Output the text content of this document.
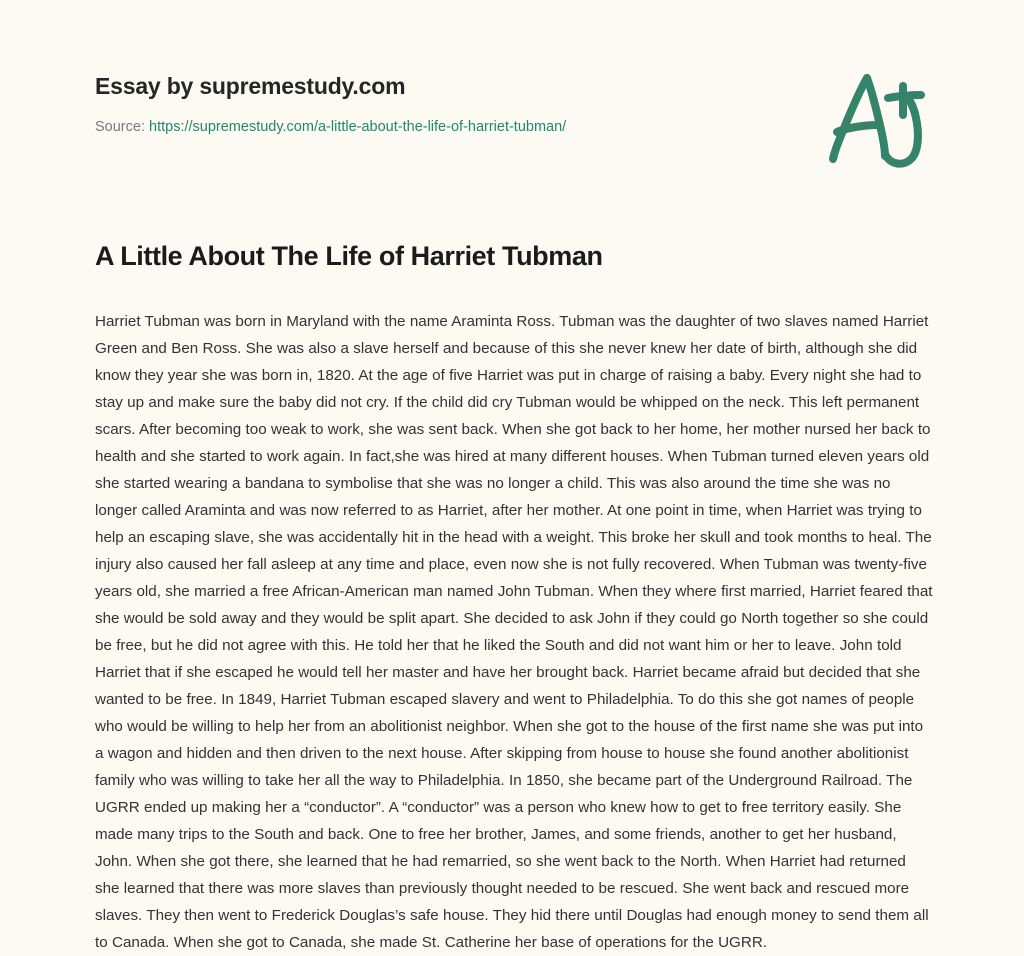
Essay by supremestudy.com
Source: https://supremestudy.com/a-little-about-the-life-of-harriet-tubman/
A Little About The Life of Harriet Tubman

Harriet Tubman was born in Maryland with the name Araminta Ross. Tubman was the daughter of two slaves named Harriet Green and Ben Ross. She was also a slave herself and because of this she never knew her date of birth, although she did know they year she was born in, 1820. At the age of five Harriet was put in charge of raising a baby. Every night she had to stay up and make sure the baby did not cry. If the child did cry Tubman would be whipped on the neck. This left permanent scars. After becoming too weak to work, she was sent back. When she got back to her home, her mother nursed her back to health and she started to work again. In fact,she was hired at many different houses. When Tubman turned eleven years old she started wearing a bandana to symbolise that she was no longer a child. This was also around the time she was no longer called Araminta and was now referred to as Harriet, after her mother. At one point in time, when Harriet was trying to help an escaping slave, she was accidentally hit in the head with a weight. This broke her skull and took months to heal. The injury also caused her fall asleep at any time and place, even now she is not fully recovered. When Tubman was twenty-five years old, she married a free African-American man named John Tubman. When they where first married, Harriet feared that she would be sold away and they would be split apart. She decided to ask John if they could go North together so she could be free, but he did not agree with this. He told her that he liked the South and did not want him or her to leave. John told Harriet that if she escaped he would tell her master and have her brought back. Harriet became afraid but decided that she wanted to be free. In 1849, Harriet Tubman escaped slavery and went to Philadelphia. To do this she got names of people who would be willing to help her from an abolitionist neighbor. When she got to the house of the first name she was put into a wagon and hidden and then driven to the next house. After skipping from house to house she found another abolitionist family who was willing to take her all the way to Philadelphia. In 1850, she became part of the Underground Railroad. The UGRR ended up making her a “conductor”. A “conductor” was a person who knew how to get to free territory easily. She made many trips to the South and back. One to free her brother, James, and some friends, another to get her husband, John. When she got there, she learned that he had remarried, so she went back to the North. When Harriet had returned she learned that there was more slaves than previously thought needed to be rescued. She went back and rescued more slaves. They then went to Frederick Douglas’s safe house. They hid there until Douglas had enough money to send them all to Canada. When she got to Canada, she made St. Catherine her base of operations for the UGRR.
